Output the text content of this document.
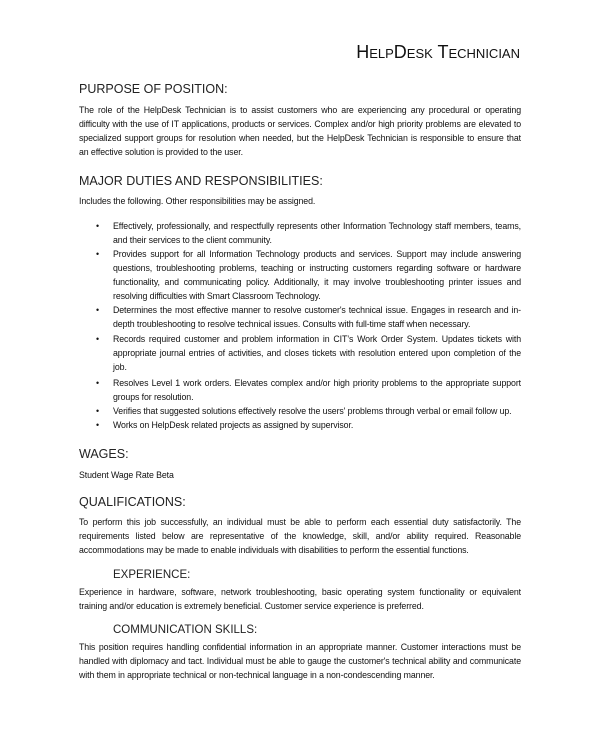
HelpDesk Technician
PURPOSE OF POSITION:
The role of the HelpDesk Technician is to assist customers who are experiencing any procedural or operating difficulty with the use of IT applications, products or services. Complex and/or high priority problems are elevated to specialized support groups for resolution when needed, but the HelpDesk Technician is responsible to ensure that an effective solution is provided to the user.
MAJOR DUTIES AND RESPONSIBILITIES:
Includes the following. Other responsibilities may be assigned.
• Effectively, professionally, and respectfully represents other Information Technology staff members, teams, and their services to the client community.
• Provides support for all Information Technology products and services. Support may include answering questions, troubleshooting problems, teaching or instructing customers regarding software or hardware functionality, and communicating policy. Additionally, it may involve troubleshooting printer issues and resolving difficulties with Smart Classroom Technology.
• Determines the most effective manner to resolve customer's technical issue. Engages in research and in-depth troubleshooting to resolve technical issues. Consults with full-time staff when necessary.
• Records required customer and problem information in CIT’s Work Order System. Updates tickets with appropriate journal entries of activities, and closes tickets with resolution entered upon completion of the job.
• Resolves Level 1 work orders. Elevates complex and/or high priority problems to the appropriate support groups for resolution.
• Verifies that suggested solutions effectively resolve the users' problems through verbal or email follow up.
• Works on HelpDesk related projects as assigned by supervisor.
WAGES:
Student Wage Rate Beta
QUALIFICATIONS:
To perform this job successfully, an individual must be able to perform each essential duty satisfactorily. The requirements listed below are representative of the knowledge, skill, and/or ability required. Reasonable accommodations may be made to enable individuals with disabilities to perform the essential functions.
EXPERIENCE:
Experience in hardware, software, network troubleshooting, basic operating system functionality or equivalent training and/or education is extremely beneficial. Customer service experience is preferred.
COMMUNICATION SKILLS:
This position requires handling confidential information in an appropriate manner. Customer interactions must be handled with diplomacy and tact. Individual must be able to gauge the customer's technical ability and communicate with them in appropriate technical or non-technical language in a non-condescending manner.
